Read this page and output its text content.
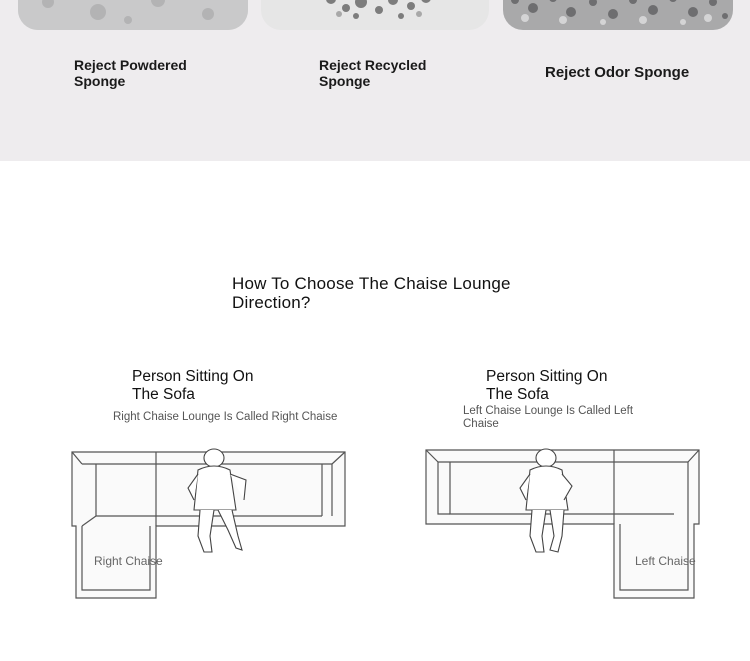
Reject Powdered Sponge
Reject Recycled Sponge	Reject Odor Sponge
How To Choose The Chaise Lounge Direction?
Person Sitting On The Sofa
Right Chaise Lounge Is Called Right Chaise
Right Chaise
Person Sitting On The Sofa
Left Chaise Lounge Is Called Left Chaise
Left Chaise
